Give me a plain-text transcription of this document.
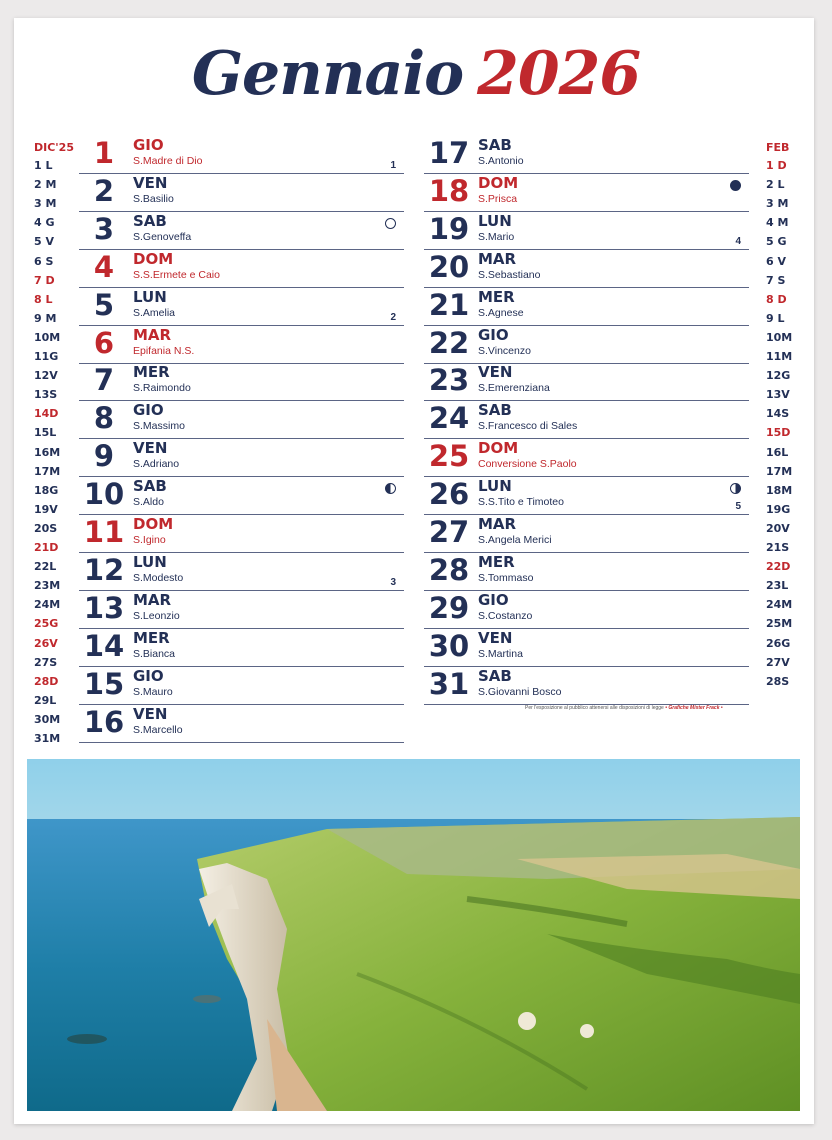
Gennaio 2026
DIC'25
1 L
2 M
3 M
4 G
5 V
6 S
7 D
8 L
9 M
10M
11G
12V
13S
14D
15L
16M
17M
18G
19V
20S
21D
22L
23M
24M
25G
26V
27S
28D
29L
30M
31M
FEB
1 D
2 L
3 M
4 M
5 G
6 V
7 S
8 D
9 L
10M
11M
12G
13V
14S
15D
16L
17M
18M
19G
20V
21S
22D
23L
24M
25M
26G
27V
28S
1	GIO
S.Madre di Dio	1
2	VEN
S.Basilio
3	SAB
S.Genoveffa
4	DOM
S.S.Ermete e Caio
5	LUN
S.Amelia	2
6	MAR
Epifania N.S.
7	MER
S.Raimondo
8	GIO
S.Massimo
9	VEN
S.Adriano
10 SAB
S.Aldo
11 DOM
S.Igino
12 LUN
S.Modesto	3
13 MAR
S.Leonzio
14 MER
S.Bianca
15 GIO
S.Mauro
16 VEN
S.Marcello
17 SAB
S.Antonio
18 DOM
S.Prisca
19 LUN
S.Mario	4
20 MAR
S.Sebastiano
21 MER
S.Agnese
22 GIO
S.Vincenzo
23 VEN
S.Emerenziana
24 SAB
S.Francesco di Sales
25 DOM
Conversione S.Paolo
26 LUN
S.S.Tito e Timoteo	5
27 MAR
S.Angela Merici
28 MER
S.Tommaso
29 GIO
S.Costanzo
30 VEN
S.Martina
31 SAB
S.Giovanni Bosco
Per l'esposizione al pubblico attenersi alle disposizioni di legge • Grafiche Mister Frack •
